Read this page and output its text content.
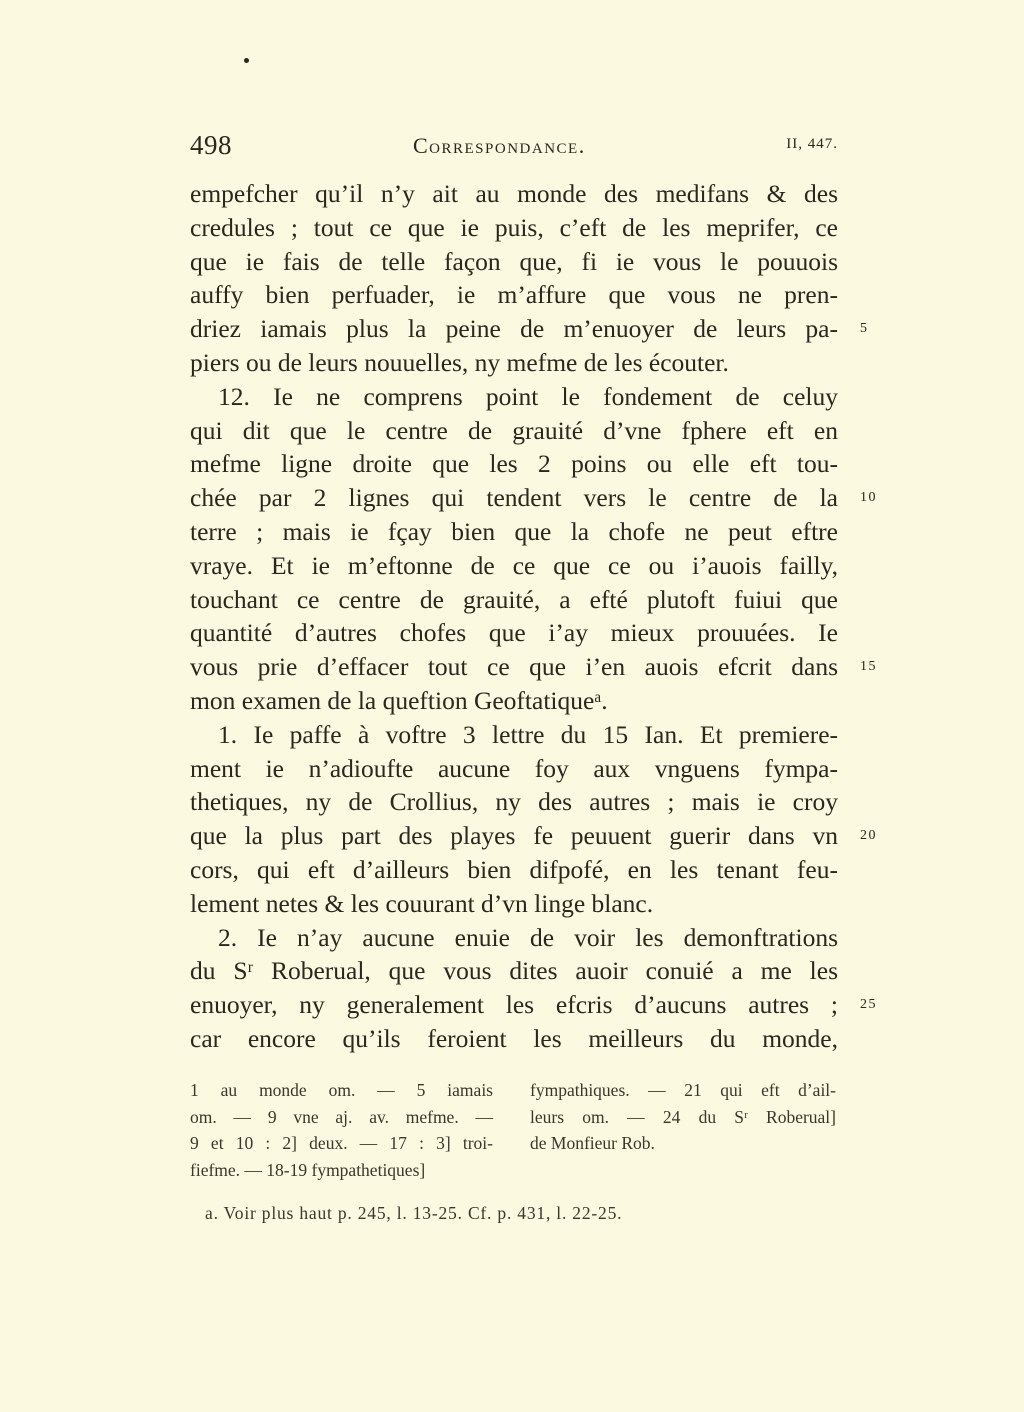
498	Correspondance.	II, 447.
empefcher qu’il n’y ait au monde des medifans & des
credules ; tout ce que ie puis, c’eft de les meprifer, ce
que ie fais de telle façon que, fi ie vous le pouuois
auffy bien perfuader, ie m’affure que vous ne pren-
driez iamais plus la peine de m’enuoyer de leurs pa- 5
piers ou de leurs nouuelles, ny mefme de les écouter.
12. Ie ne comprens point le fondement de celuy
qui dit que le centre de grauité d’vne fphere eft en
mefme ligne droite que les 2 poins ou elle eft tou-
chée par 2 lignes qui tendent vers le centre de la 10
terre ; mais ie fçay bien que la chofe ne peut eftre
vraye. Et ie m’eftonne de ce que ce ou i’auois failly,
touchant ce centre de grauité, a efté plutoft fuiui que
quantité d’autres chofes que i’ay mieux prouuées. Ie
vous prie d’effacer tout ce que i’en auois efcrit dans 15
mon examen de la queftion Geoftatiqueᵃ.
1. Ie paffe à voftre 3 lettre du 15 Ian. Et premiere-
ment ie n’adioufte aucune foy aux vnguens fympa-
thetiques, ny de Crollius, ny des autres ; mais ie croy
que la plus part des playes fe peuuent guerir dans vn 20
cors, qui eft d’ailleurs bien difpofé, en les tenant feu-
lement netes & les couurant d’vn linge blanc.
2. Ie n’ay aucune enuie de voir les demonftrations
du Sʳ Roberual, que vous dites auoir conuié a me les
enuoyer, ny generalement les efcris d’aucuns autres ; 25
car encore qu’ils feroient les meilleurs du monde,
1 au monde om. — 5 iamais
om. — 9 vne aj. av. mefme. —
9 et 10 : 2] deux. — 17 : 3] troi-
fiefme. — 18-19 fympathetiques]
fympathiques. — 21 qui eft d’ail-
leurs om. — 24 du Sʳ Roberual]
de Monfieur Rob.
a. Voir plus haut p. 245, l. 13-25. Cf. p. 431, l. 22-25.
